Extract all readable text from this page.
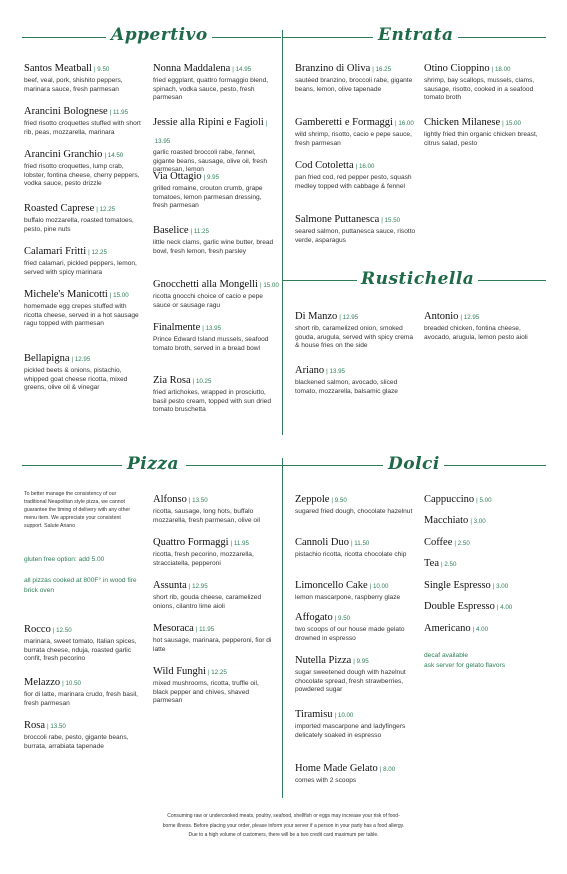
Appertivo	Entrata
Rustichella
Pizza	Dolci
Santos Meatball | 9.50
beef, veal, pork, shishito peppers, marinara sauce, fresh parmesan
Arancini Bolognese | 11.95
fried risotto croquettes stuffed with short rib, peas, mozzarella, marinara
Arancini Granchio | 14.50
fried risotto croquettes, lump crab, lobster, fontina cheese, cherry peppers, vodka sauce, pesto drizzle
Roasted Caprese | 12.25
buffalo mozzarella, roasted tomatoes, pesto, pine nuts
Calamari Fritti | 12.25
fried calamari, pickled peppers, lemon, served with spicy marinara
Michele's Manicotti | 15.00
homemade egg crepes stuffed with ricotta cheese, served in a hot sausage ragu topped with parmesan
Bellapigna | 12.95
pickled beets & onions, pistachio, whipped goat cheese ricotta, mixed greens, olive oil & vinegar
Nonna Maddalena | 14.95
fried eggplant, quattro formaggio blend, spinach, vodka sauce, pesto, fresh parmesan
Jessie alla Ripini e Fagioli | 13.95
garlic roasted broccoli rabe, fennel, gigante beans, sausage, olive oil, fresh parmesan, lemon
Via Ottagio | 9.95
grilled romaine, crouton crumb, grape tomatoes, lemon parmesan dressing, fresh parmesan
Baselice | 11.25
little neck clams, garlic wine butter, bread bowl, fresh lemon, fresh parsley
Gnocchetti alla Mongelli | 15.00
ricotta gnocchi choice of cacio e pepe sauce or sausage ragu
Finalmente | 13.95
Prince Edward Island mussels, seafood tomato broth, served in a bread bowl
Zia Rosa | 10.25
fried artichokes, wrapped in prosciutto, basil pesto cream, topped with sun dried tomato bruschetta
Branzino di Oliva | 16.25
sautéed branzino, broccoli rabe, gigante beans, lemon, olive tapenade
Gamberetti e Formaggi | 16.00
wild shrimp, risotto, cacio e pepe sauce, fresh parmesan
Cod Cotoletta | 16.00
pan fried cod, red pepper pesto, squash medley topped with cabbage & fennel
Salmone Puttanesca | 15.50
seared salmon, puttanesca sauce, risotto verde, asparagus
Otino Cioppino | 18.00
shrimp, bay scallops, mussels, clams, sausage, risotto, cooked in a seafood tomato broth
Chicken Milanese | 15.00
lightly fried thin organic chicken breast, citrus salad, pesto
Di Manzo | 12.95
short rib, caramelized onion, smoked gouda, arugula, served with spicy crema & house fries on the side
Ariano | 13.95
blackened salmon, avocado, sliced tomato, mozzarella, balsamic glaze
Antonio | 12.95
breaded chicken, fontina cheese, avocado, arugula, lemon pesto aioli
To better manage the consistency of our traditional Neapolitan style pizza, we cannot guarantee the timing of delivery with any other menu item. We appreciate your consistent support. Salute Ariano
gluten free option: add 5.00
all pizzas cooked at 800F° in wood fire brick oven
Rocco | 12.50
marinara, sweet tomato, Italian spices, burrata cheese, nduja, roasted garlic confit, fresh pecorino
Melazzo | 10.50
fior di latte, marinara crudo, fresh basil, fresh parmesan
Rosa | 13.50
broccoli rabe, pesto, gigante beans, burrata, arrabiata tapenade
Alfonso | 13.50
ricotta, sausage, long hots, buffalo mozzarella, fresh parmesan, olive oil
Quattro Formaggi | 11.95
ricotta, fresh pecorino, mozzarella, stracciatella, pepperoni
Assunta | 12.95
short rib, gouda cheese, caramelized onions, cilantro lime aioli
Mesoraca | 11.95
hot sausage, marinara, pepperoni, fior di latte
Wild Funghi | 12.25
mixed mushrooms, ricotta, truffle oil, black pepper and chives, shaved parmesan
Zeppole | 9.50
sugared fried dough, chocolate hazelnut
Cannoli Duo | 11.50
pistachio ricotta, ricotta chocolate chip
Limoncello Cake | 10.00
lemon mascarpone, raspberry glaze
Affogato | 9.50
two scoops of our house made gelato drowned in espresso
Nutella Pizza | 9.95
sugar sweetened dough with hazelnut chocolate spread, fresh strawberries, powdered sugar
Tiramisu | 10.00
imported mascarpone and ladyfingers delicately soaked in espresso
Home Made Gelato | 8.00
comes with 2 scoops
Cappuccino | 5.00
Macchiato | 3.00
Coffee | 2.50
Tea | 2.50
Single Espresso | 3.00
Double Espresso | 4.00
Americano | 4.00
decaf available
ask server for gelato flavors
Consuming raw or undercooked meats, poultry, seafood, shellfish or eggs may increase your risk of food-
borne illness. Before placing your order, please inform your server if a person in your party has a food allergy.
Due to a high volume of customers, there will be a two credit card maximum per table.
